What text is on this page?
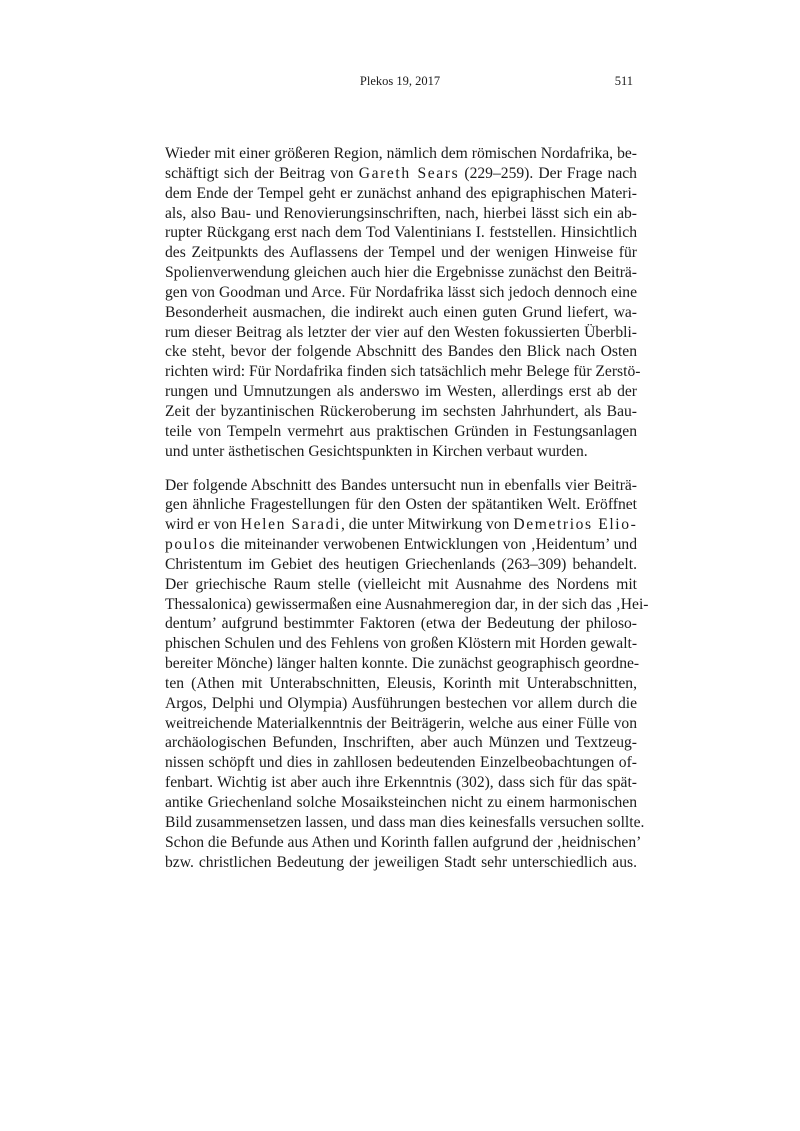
Plekos 19, 2017	511
Wieder mit einer größeren Region, nämlich dem römischen Nordafrika, be-
schäftigt sich der Beitrag von Gareth Sears (229–259). Der Frage nach
dem Ende der Tempel geht er zunächst anhand des epigraphischen Materi-
als, also Bau- und Renovierungsinschriften, nach, hierbei lässt sich ein ab-
rupter Rückgang erst nach dem Tod Valentinians I. feststellen. Hinsichtlich
des Zeitpunkts des Auflassens der Tempel und der wenigen Hinweise für
Spolienverwendung gleichen auch hier die Ergebnisse zunächst den Beiträ-
gen von Goodman und Arce. Für Nordafrika lässt sich jedoch dennoch eine
Besonderheit ausmachen, die indirekt auch einen guten Grund liefert, wa-
rum dieser Beitrag als letzter der vier auf den Westen fokussierten Überbli-
cke steht, bevor der folgende Abschnitt des Bandes den Blick nach Osten
richten wird: Für Nordafrika finden sich tatsächlich mehr Belege für Zerstö-
rungen und Umnutzungen als anderswo im Westen, allerdings erst ab der
Zeit der byzantinischen Rückeroberung im sechsten Jahrhundert, als Bau-
teile von Tempeln vermehrt aus praktischen Gründen in Festungsanlagen
und unter ästhetischen Gesichtspunkten in Kirchen verbaut wurden.
Der folgende Abschnitt des Bandes untersucht nun in ebenfalls vier Beiträ-
gen ähnliche Fragestellungen für den Osten der spätantiken Welt. Eröffnet
wird er von Helen Saradi, die unter Mitwirkung von Demetrios Elio-
poulos die miteinander verwobenen Entwicklungen von ‚Heidentum’ und
Christentum im Gebiet des heutigen Griechenlands (263–309) behandelt.
Der griechische Raum stelle (vielleicht mit Ausnahme des Nordens mit
Thessalonica) gewissermaßen eine Ausnahmeregion dar, in der sich das ‚Hei-
dentum’ aufgrund bestimmter Faktoren (etwa der Bedeutung der philoso-
phischen Schulen und des Fehlens von großen Klöstern mit Horden gewalt-
bereiter Mönche) länger halten konnte. Die zunächst geographisch geordne-
ten (Athen mit Unterabschnitten, Eleusis, Korinth mit Unterabschnitten,
Argos, Delphi und Olympia) Ausführungen bestechen vor allem durch die
weitreichende Materialkenntnis der Beiträgerin, welche aus einer Fülle von
archäologischen Befunden, Inschriften, aber auch Münzen und Textzeug-
nissen schöpft und dies in zahllosen bedeutenden Einzelbeobachtungen of-
fenbart. Wichtig ist aber auch ihre Erkenntnis (302), dass sich für das spät-
antike Griechenland solche Mosaiksteinchen nicht zu einem harmonischen
Bild zusammensetzen lassen, und dass man dies keinesfalls versuchen sollte.
Schon die Befunde aus Athen und Korinth fallen aufgrund der ‚heidnischen’
bzw. christlichen Bedeutung der jeweiligen Stadt sehr unterschiedlich aus.
